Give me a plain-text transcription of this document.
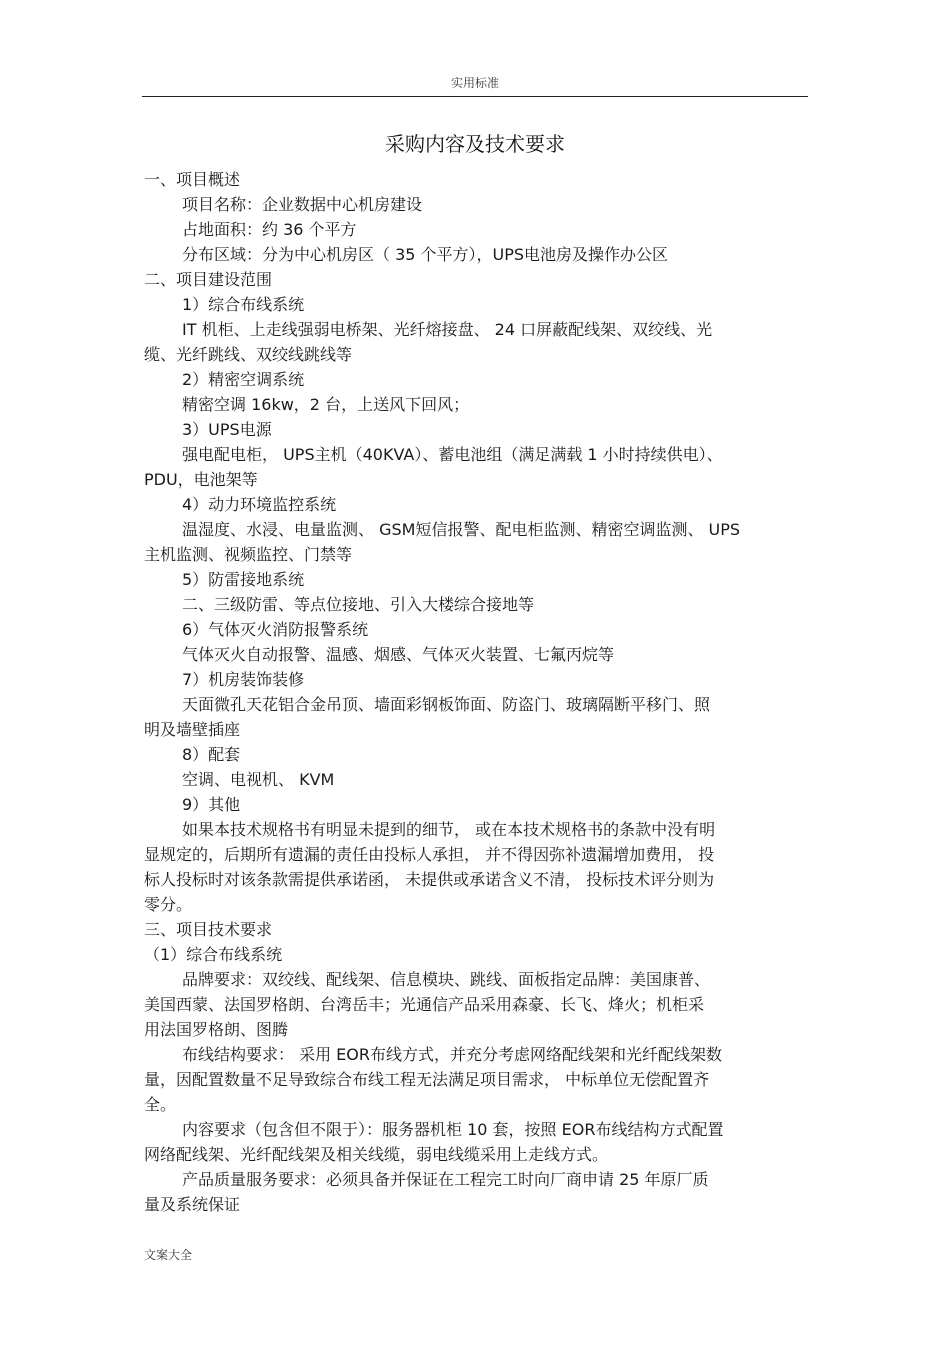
实用标准
采购内容及技术要求
一、项目概述
项目名称：企业数据中心机房建设
占地面积：约 36 个平方
分布区域：分为中心机房区（ 35 个平方），UPS电池房及操作办公区
二、项目建设范围
1）综合布线系统
IT 机柜、上走线强弱电桥架、光纤熔接盘、 24 口屏蔽配线架、双绞线、光
缆、光纤跳线、双绞线跳线等
2）精密空调系统
精密空调 16kw，2 台，上送风下回风；
3）UPS电源
强电配电柜， UPS主机（40KVA）、蓄电池组（满足满载 1 小时持续供电）、
PDU，电池架等
4）动力环境监控系统
温湿度、水浸、电量监测、 GSM短信报警、配电柜监测、精密空调监测、 UPS
主机监测、视频监控、门禁等
5）防雷接地系统
二、三级防雷、等点位接地、引入大楼综合接地等
6）气体灭火消防报警系统
气体灭火自动报警、温感、烟感、气体灭火装置、七氟丙烷等
7）机房装饰装修
天面微孔天花铝合金吊顶、墙面彩钢板饰面、防盗门、玻璃隔断平移门、照
明及墙壁插座
8）配套
空调、电视机、 KVM
9）其他
如果本技术规格书有明显未提到的细节， 或在本技术规格书的条款中没有明
显规定的，后期所有遗漏的责任由投标人承担， 并不得因弥补遗漏增加费用， 投
标人投标时对该条款需提供承诺函， 未提供或承诺含义不清， 投标技术评分则为
零分。
三、项目技术要求
（1）综合布线系统
品牌要求：双绞线、配线架、信息模块、跳线、面板指定品牌：美国康普、
美国西蒙、法国罗格朗、台湾岳丰；光通信产品采用森豪、长飞、烽火；机柜采
用法国罗格朗、图腾
布线结构要求： 采用 EOR布线方式，并充分考虑网络配线架和光纤配线架数
量，因配置数量不足导致综合布线工程无法满足项目需求， 中标单位无偿配置齐
全。
内容要求（包含但不限于）：服务器机柜 10 套，按照 EOR布线结构方式配置
网络配线架、光纤配线架及相关线缆，弱电线缆采用上走线方式。
产品质量服务要求：必须具备并保证在工程完工时向厂商申请 25 年原厂质
量及系统保证
文案大全
